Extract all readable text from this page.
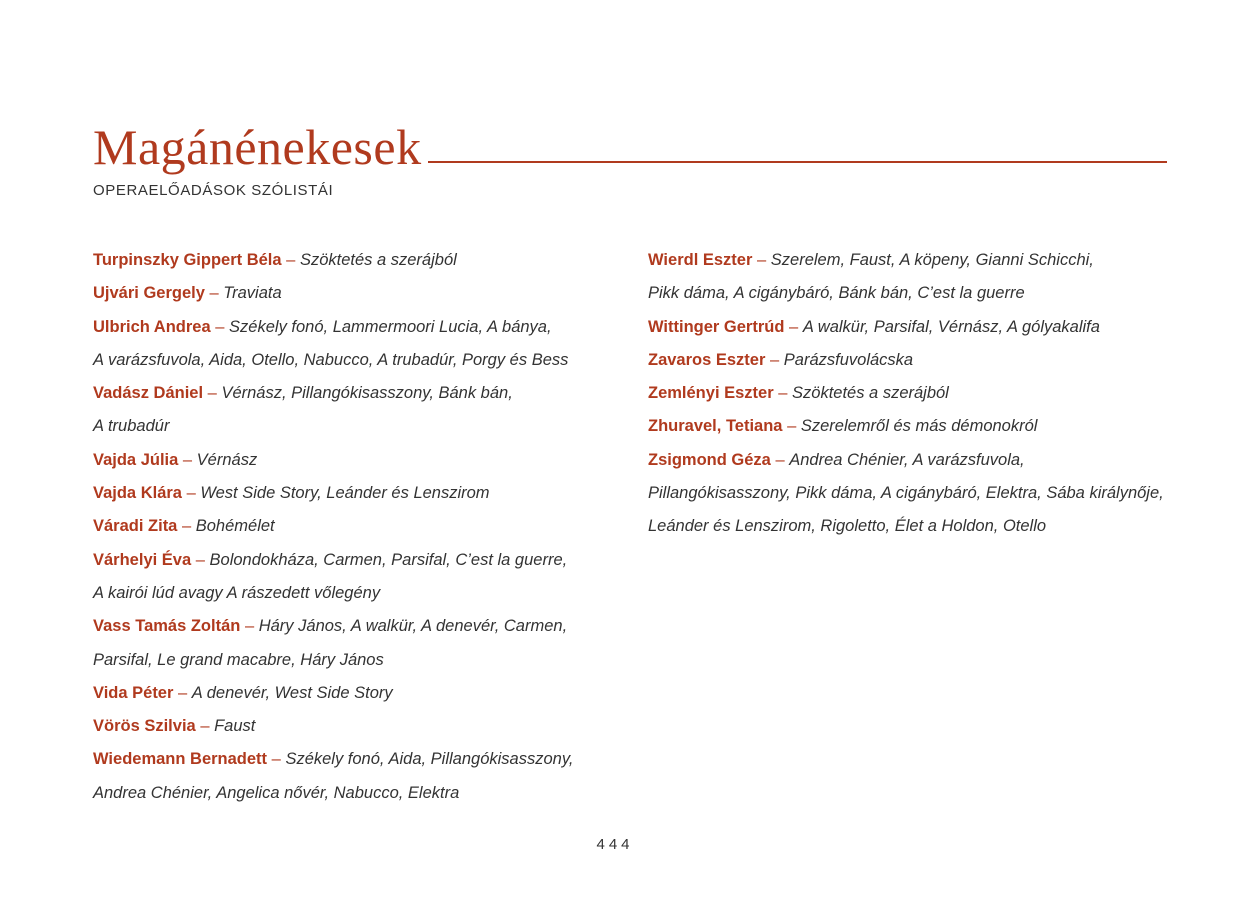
Magánénekesek
OPERAELŐADÁSOK SZÓLISTÁI
Turpinszky Gippert Béla – Szöktetés a szerájból
Ujvári Gergely – Traviata
Ulbrich Andrea – Székely fonó, Lammermoori Lucia, A bánya,
A varázsfuvola, Aida, Otello, Nabucco, A trubadúr, Porgy és Bess
Vadász Dániel – Vérnász, Pillangókisasszony, Bánk bán,
A trubadúr
Vajda Júlia – Vérnász
Vajda Klára – West Side Story, Leánder és Lenszirom
Váradi Zita – Bohémélet
Várhelyi Éva – Bolondokháza, Carmen, Parsifal, C’est la guerre,
A kairói lúd avagy A rászedett vőlegény
Vass Tamás Zoltán – Háry János, A walkür, A denevér, Carmen,
Parsifal, Le grand macabre, Háry János
Vida Péter – A denevér, West Side Story
Vörös Szilvia – Faust
Wiedemann Bernadett – Székely fonó, Aida, Pillangókisasszony,
Andrea Chénier, Angelica nővér, Nabucco, Elektra
Wierdl Eszter – Szerelem, Faust, A köpeny, Gianni Schicchi,
Pikk dáma, A cigánybáró, Bánk bán, C’est la guerre
Wittinger Gertrúd – A walkür, Parsifal, Vérnász, A gólyakalifa
Zavaros Eszter – Parázsfuvolácska
Zemlényi Eszter – Szöktetés a szerájból
Zhuravel, Tetiana – Szerelemről és más démonokról
Zsigmond Géza – Andrea Chénier, A varázsfuvola,
Pillangókisasszony, Pikk dáma, A cigánybáró, Elektra, Sába királynője,
Leánder és Lenszirom, Rigoletto, Élet a Holdon, Otello
444
